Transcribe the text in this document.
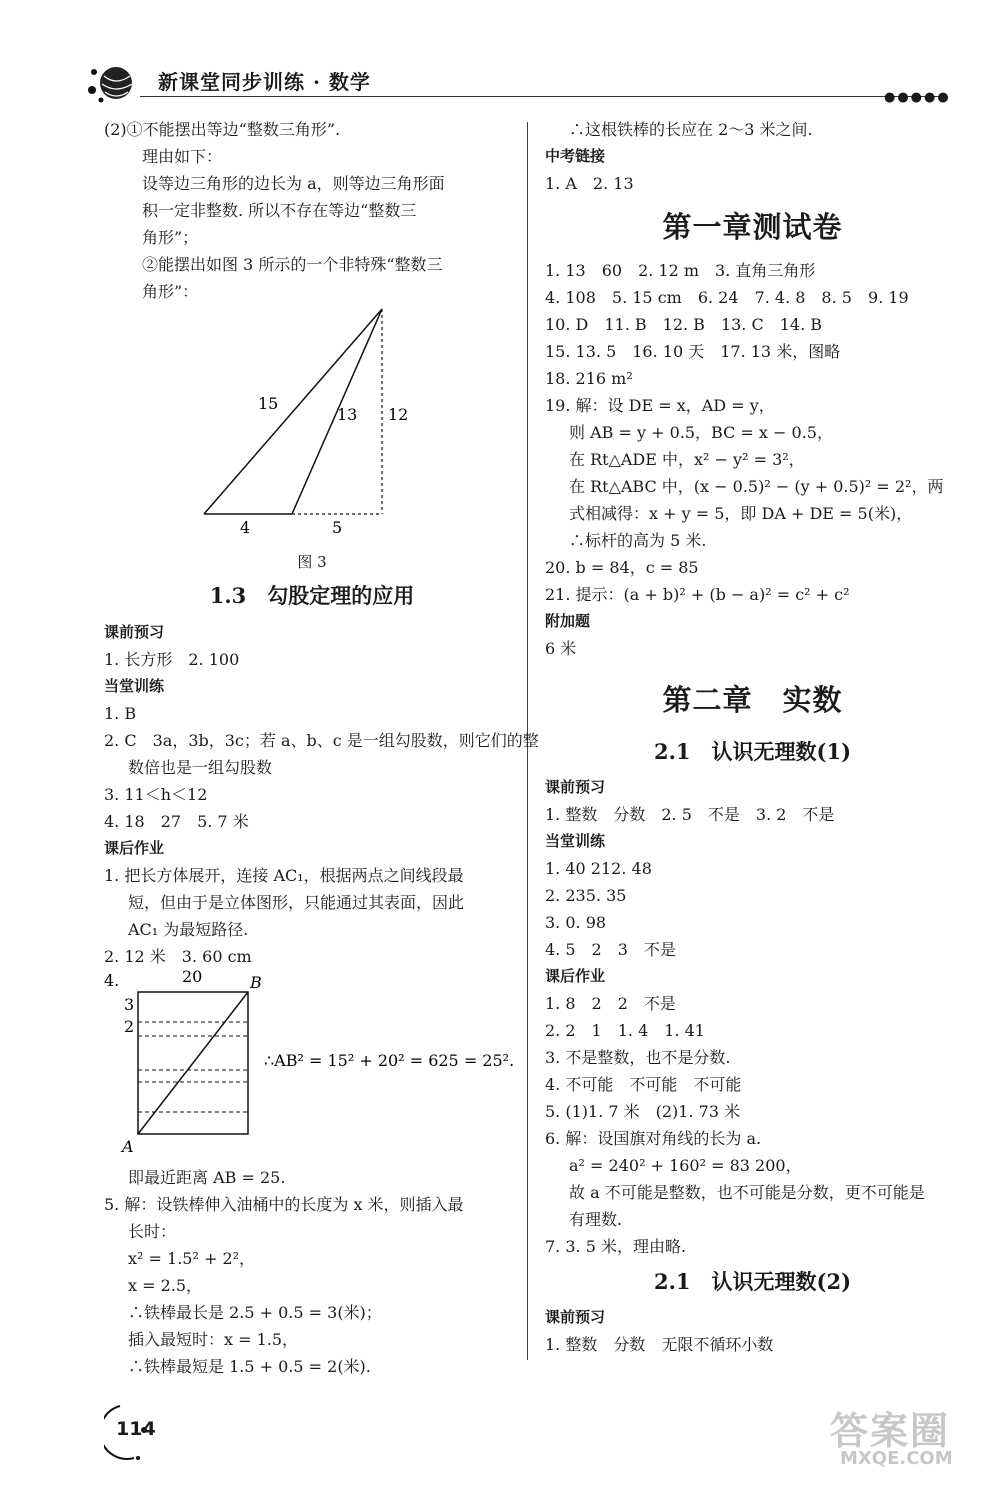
新课堂同步训练 · 数学
●●●●●
(2)①不能摆出等边“整数三角形”.
理由如下：
设等边三角形的边长为 a，则等边三角形面
积一定非整数. 所以不存在等边“整数三
角形”；
②能摆出如图 3 所示的一个非特殊“整数三
角形”：
15
13 12
4	5
图 3
1.3　勾股定理的应用
课前预习
1. 长方形　2. 100
当堂训练
1. B
2. C　3a，3b，3c；若 a、b、c 是一组勾股数，则它们的整
数倍也是一组勾股数
3. 11＜h＜12
4. 18　27　5. 7 米
课后作业
1. 把长方体展开，连接 AC₁，根据两点之间线段最
短，但由于是立体图形，只能通过其表面，因此
AC₁ 为最短路径.
2. 12 米　3. 60 cm
4.	20	B
3
2
A
∴AB² = 15² + 20² = 625 = 25².
即最近距离 AB = 25.
5. 解：设铁棒伸入油桶中的长度为 x 米，则插入最
长时：
x² = 1.5² + 2²，
x = 2.5，
∴铁棒最长是 2.5 + 0.5 = 3(米)；
插入最短时：x = 1.5，
∴铁棒最短是 1.5 + 0.5 = 2(米).
∴这根铁棒的长应在 2～3 米之间.
中考链接
1. A　2. 13
第一章测试卷
1. 13　60　2. 12 m　3. 直角三角形
4. 108　5. 15 cm　6. 24　7. 4. 8　8. 5　9. 19
10. D　11. B　12. B　13. C　14. B
15. 13. 5　16. 10 天　17. 13 米，图略
18. 216 m²
19. 解：设 DE = x，AD = y，
则 AB = y + 0.5，BC = x − 0.5，
在 Rt△ADE 中，x² − y² = 3²，
在 Rt△ABC 中，(x − 0.5)² − (y + 0.5)² = 2²，两
式相减得：x + y = 5，即 DA + DE = 5(米)，
∴标杆的高为 5 米.
20. b = 84，c = 85
21. 提示：(a + b)² + (b − a)² = c² + c²
附加题
6 米
第二章　实数
2.1　认识无理数(1)
课前预习
1. 整数　分数　2. 5　不是　3. 2　不是
当堂训练
1. 40 212. 48
2. 235. 35
3. 0. 98
4. 5　2　3　不是
课后作业
1. 8　2　2　不是
2. 2　1　1. 4　1. 41
3. 不是整数，也不是分数.
4. 不可能　不可能　不可能
5. (1)1. 7 米　(2)1. 73 米
6. 解：设国旗对角线的长为 a.
a² = 240² + 160² = 83 200，
故 a 不可能是整数，也不可能是分数，更不可能是
有理数.
7. 3. 5 米，理由略.
2.1　认识无理数(2)
课前预习
1. 整数　分数　无限不循环小数
114	答案圈
MXQE.COM
